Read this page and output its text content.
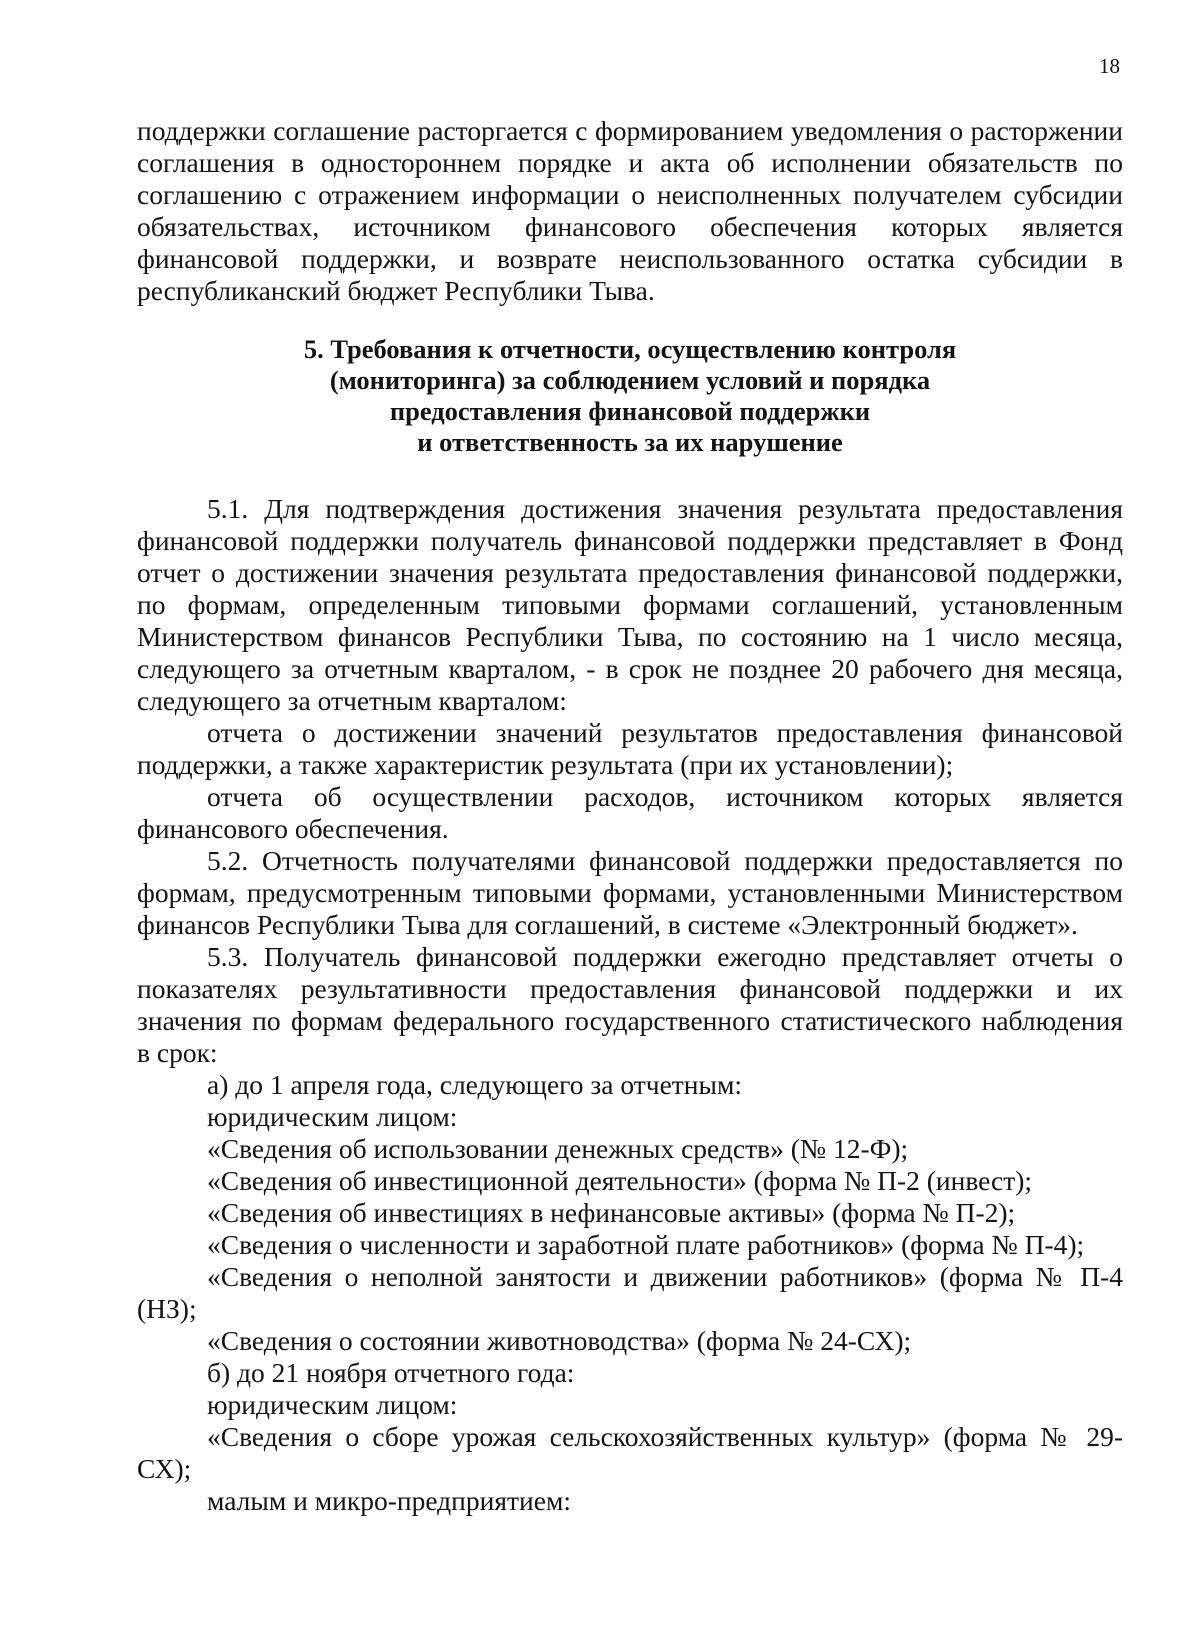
18
поддержки соглашение расторгается с формированием уведомления о расторжении
соглашения в одностороннем порядке и акта об исполнении обязательств по
соглашению с отражением информации о неисполненных получателем субсидии
обязательствах, источником финансового обеспечения которых является
финансовой поддержки, и возврате неиспользованного остатка субсидии в
республиканский бюджет Республики Тыва.
5. Требования к отчетности, осуществлению контроля
(мониторинга) за соблюдением условий и порядка
предоставления финансовой поддержки
и ответственность за их нарушение
5.1. Для подтверждения достижения значения результата предоставления
финансовой поддержки получатель финансовой поддержки представляет в Фонд
отчет о достижении значения результата предоставления финансовой поддержки,
по формам, определенным типовыми формами соглашений, установленным
Министерством финансов Республики Тыва, по состоянию на 1 число месяца,
следующего за отчетным кварталом, - в срок не позднее 20 рабочего дня месяца,
следующего за отчетным кварталом:
отчета о достижении значений результатов предоставления финансовой
поддержки, а также характеристик результата (при их установлении);
отчета об осуществлении расходов, источником которых является
финансового обеспечения.
5.2. Отчетность получателями финансовой поддержки предоставляется по
формам, предусмотренным типовыми формами, установленными Министерством
финансов Республики Тыва для соглашений, в системе «Электронный бюджет».
5.3. Получатель финансовой поддержки ежегодно представляет отчеты о
показателях результативности предоставления финансовой поддержки и их
значения по формам федерального государственного статистического наблюдения
в срок:
а) до 1 апреля года, следующего за отчетным:
юридическим лицом:
«Сведения об использовании денежных средств» (№ 12-Ф);
«Сведения об инвестиционной деятельности» (форма № П-2 (инвест);
«Сведения об инвестициях в нефинансовые активы» (форма № П-2);
«Сведения о численности и заработной плате работников» (форма № П-4);
«Сведения о неполной занятости и движении работников» (форма № П-4
(НЗ);
«Сведения о состоянии животноводства» (форма № 24-СХ);
б) до 21 ноября отчетного года:
юридическим лицом:
«Сведения о сборе урожая сельскохозяйственных культур» (форма № 29-
СХ);
малым и микро-предприятием:
